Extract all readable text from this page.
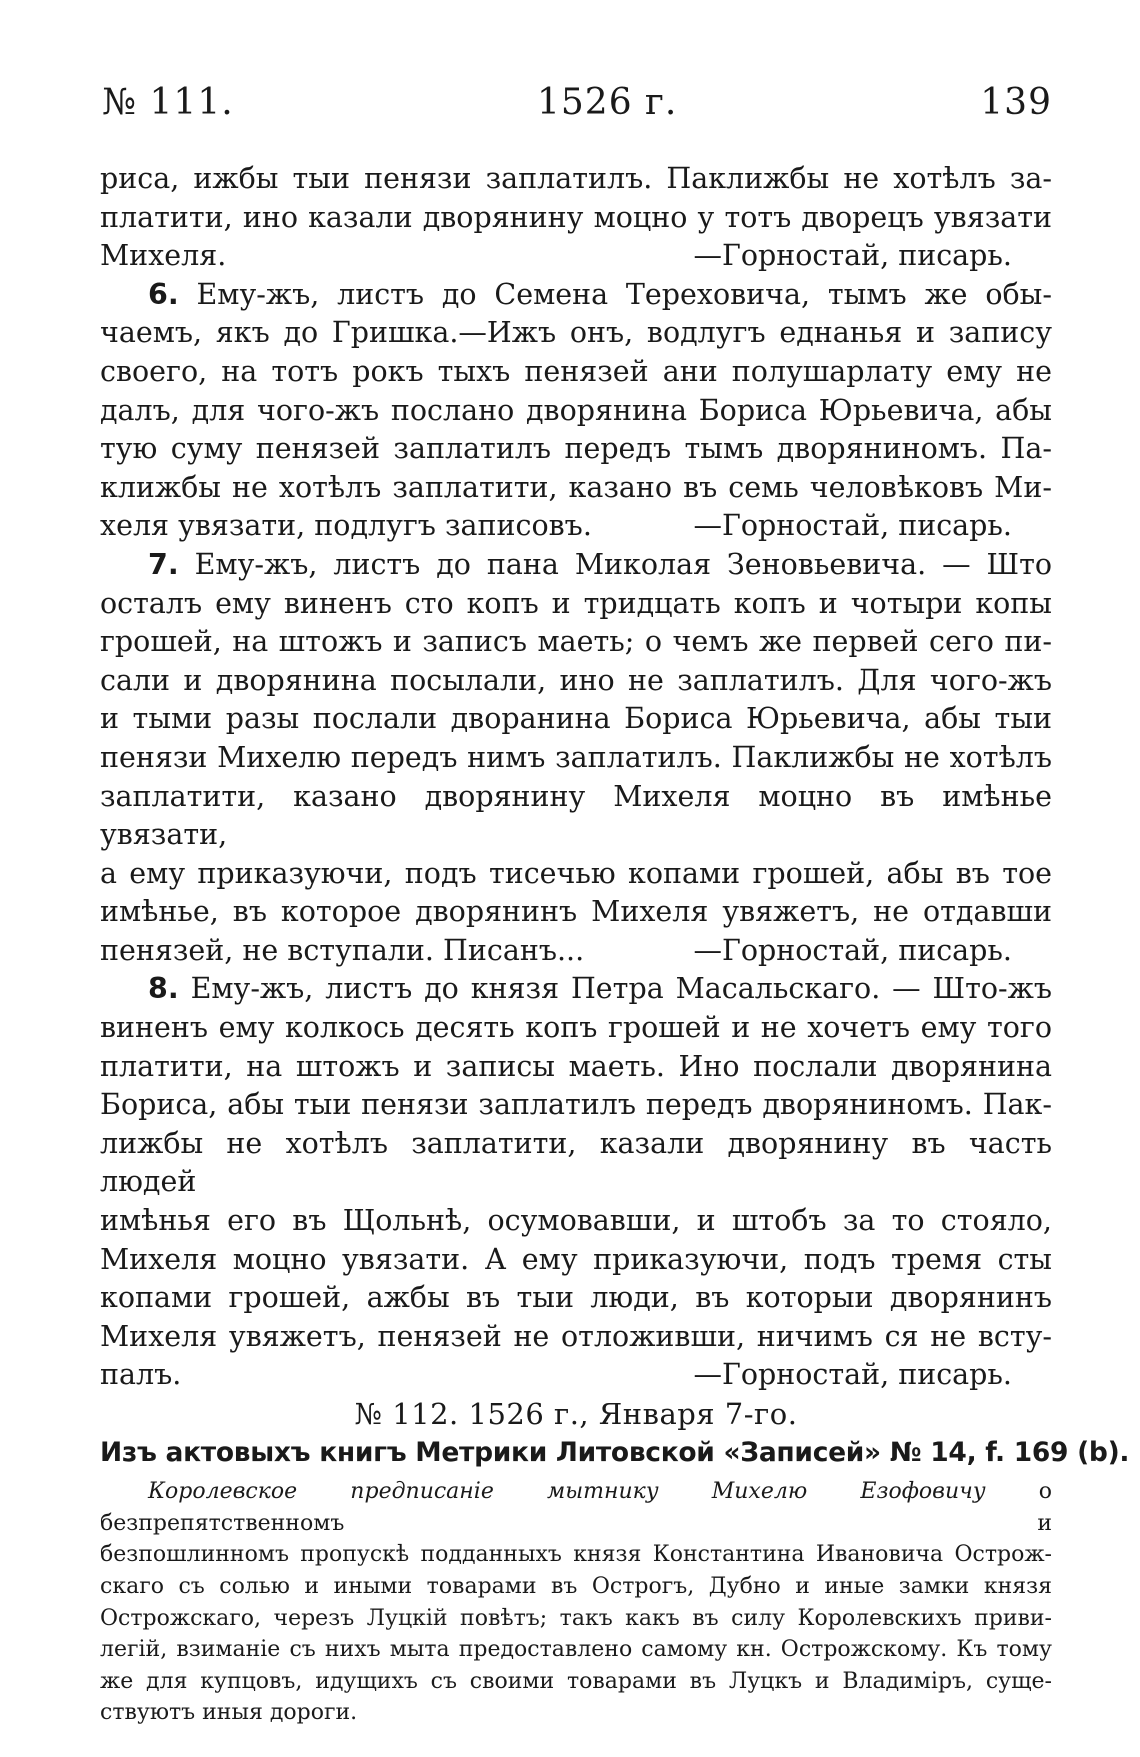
№ 111.	1526 г.	139

риса, ижбы тыи пенязи заплатилъ. Паклижбы не хотѣлъ за-

платити, ино казали дворянину моцно у тотъ дворецъ увязати

Михеля.	—Горностай, писарь.

6. Ему-жъ, листъ до Семена Тереховича, тымъ же обы-

чаемъ, якъ до Гришка.—Ижъ онъ, водлугъ еднанья и запису

своего, на тотъ рокъ тыхъ пенязей ани полушарлату ему не

далъ, для чого-жъ послано дворянина Бориса Юрьевича, абы

тую суму пенязей заплатилъ передъ тымъ дворяниномъ. Па-

клижбы не хотѣлъ заплатити, казано въ семь человѣковъ Ми-

хеля увязати, подлугъ записовъ.	—Горностай, писарь.

7. Ему-жъ, листъ до пана Миколая Зеновьевича. — Што

осталъ ему виненъ сто копъ и тридцать копъ и чотыри копы

грошей, на штожъ и записъ маеть; о чемъ же первей сего пи-

сали и дворянина посылали, ино не заплатилъ. Для чого-жъ

и тыми разы послали дворанина Бориса Юрьевича, абы тыи

пенязи Михелю передъ нимъ заплатилъ. Паклижбы не хотѣлъ

заплатити, казано дворянину Михеля моцно въ имѣнье увязати,

а ему приказуючи, подъ тисечью копами грошей, абы въ тое

имѣнье, въ которое дворянинъ Михеля увяжетъ, не отдавши

пенязей, не вступали. Писанъ...	—Горностай, писарь.

8. Ему-жъ, листъ до князя Петра Масальскаго. — Што-жъ

виненъ ему колкось десять копъ грошей и не хочетъ ему того

платити, на штожъ и записы маеть. Ино послали дворянина

Бориса, абы тыи пенязи заплатилъ передъ дворяниномъ. Пак-

лижбы не хотѣлъ заплатити, казали дворянину въ часть людей

имѣнья его въ Щольнѣ, осумовавши, и штобъ за то стояло,

Михеля моцно увязати. А ему приказуючи, подъ тремя сты

копами грошей, ажбы въ тыи люди, въ которыи дворянинъ

Михеля увяжетъ, пенязей не отложивши, ничимъ ся не всту-

палъ.	—Горностай, писарь.

№ 112. 1526 г., Января 7-го.

Изъ актовыхъ книгъ Метрики Литовской «Записей» № 14, f. 169 (b).

Королевское предписанiе мытнику Михелю Езофовичу о безпрепятственномъ и

безпошлинномъ пропускѣ подданныхъ князя Константина Ивановича Острож-

скаго съ солью и иными товарами въ Острогъ, Дубно и иные замки князя

Острожскаго, черезъ Луцкiй повѣтъ; такъ какъ въ силу Королевскихъ приви-

легiй, взиманiе съ нихъ мыта предоставлено самому кн. Острожскому. Къ тому

же для купцовъ, идущихъ съ своими товарами въ Луцкъ и Владимiръ, суще-

ствуютъ иныя дороги.
